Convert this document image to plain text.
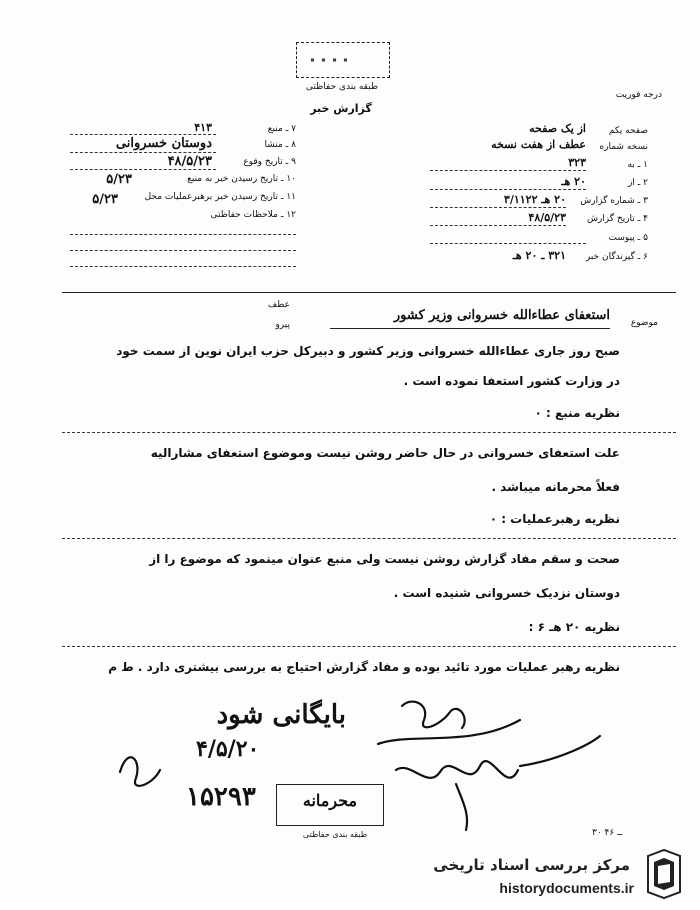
۰۰۰۰
طبقه بندی حفاظتی
درجه فوریت
گزارش خبر
۷ ـ منبع
۴۱۳
۸ ـ منشا
دوستان خسروانی
۹ ـ تاریخ وقوع
۴۸/۵/۲۳
۱۰ ـ تاریخ رسیدن خبر به منبع
۵/۲۳
۱۱ ـ تاریخ رسیدن خبر برهبرعملیات محل
۵/۲۳
۱۲ ـ ملاحظات حفاظتی
صفحه یکم
از یک صفحه
نسخه شماره
عطف از هفت نسخه
۱ ـ به
۳۲۳
۲ ـ از
۲۰ هـ
۳ ـ شماره گزارش
۲۰ هـ ۳/۱۱۲۲
۴ ـ تاریخ گزارش
۴۸/۵/۲۳
۵ ـ پیوست
۶ ـ گیرندگان خبر
۳۲۱ ـ ۲۰ هـ
موضوع
عطف
پیرو
استعفای عطاءالله خسروانی وزیر کشور
صبح روز جاری عطاءالله خسروانی وزیر کشور و دبیرکل حزب ایران نوین از سمت خود
در وزارت کشور استعفا نموده است .
نظریه منبع : ۰
علت استعفای خسروانی در حال حاضر روشن نیست وموضوع استعفای مشارالیه
فعلاً محرمانه میباشد .
نظریه رهبرعملیات : ۰
صحت و سقم مفاد گزارش روشن نیست ولی منبع عنوان مینمود که موضوع را از
دوستان نزدیک خسروانی شنیده است .
نظریه ۲۰ هـ ۶ :
نظریه رهبر عملیات مورد تائید بوده و مفاد گزارش احتیاج به بررسی بیشتری دارد . ط م
بایگانی شود
۴/۵/۲۰
۱۵۲۹۳	محرمانه
طبقه بندی حفاظتی	۳۰ ــ ۴۶
مرکز بررسی اسناد تاریخی
historydocuments.ir
